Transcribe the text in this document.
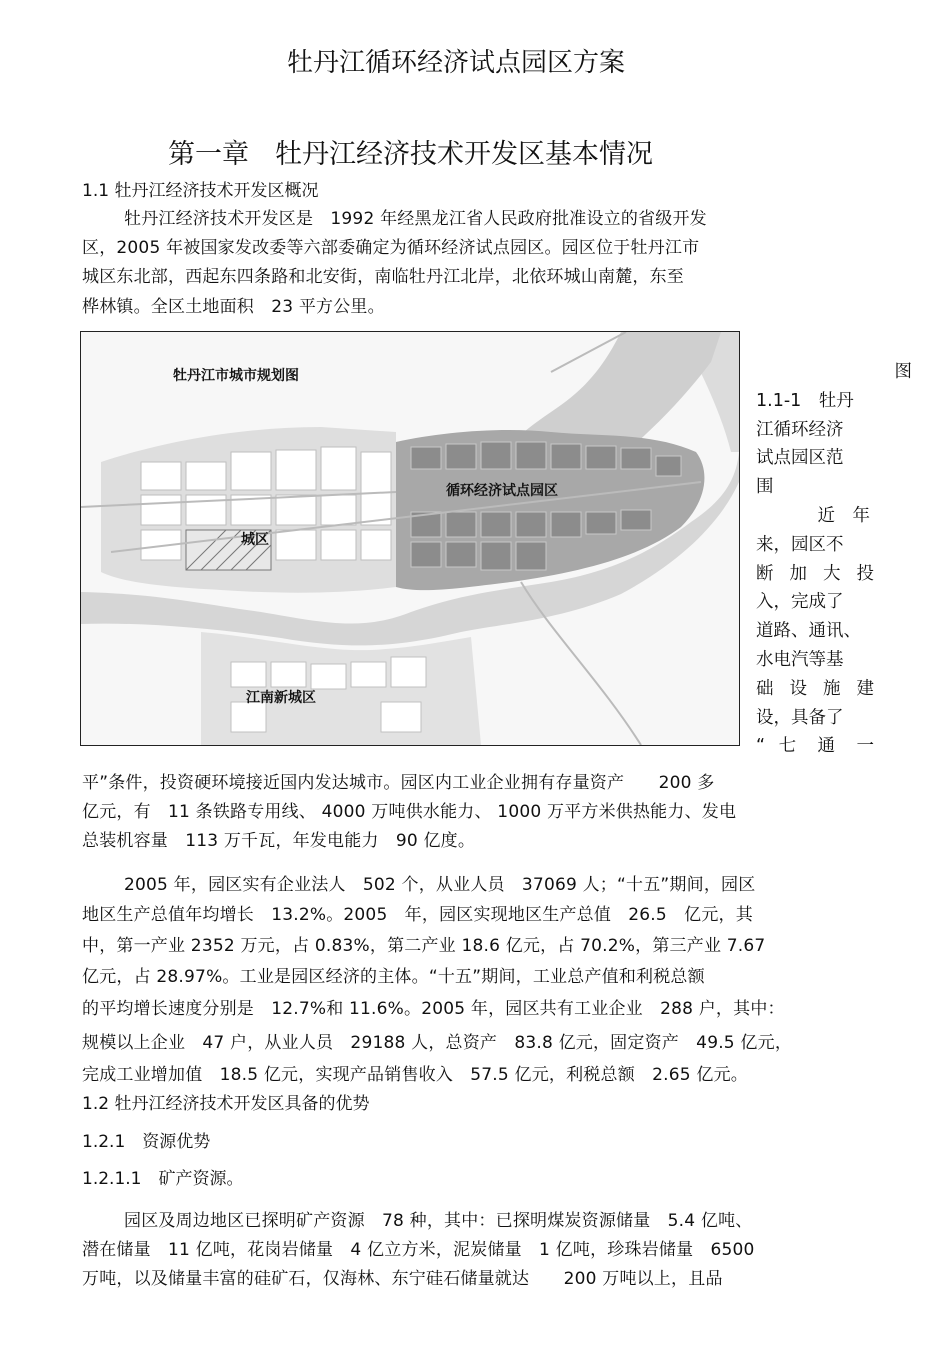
牡丹江循环经济试点园区方案
第一章 牡丹江经济技术开发区基本情况
1.1 牡丹江经济技术开发区概况
牡丹江经济技术开发区是　1992 年经黑龙江省人民政府批准设立的省级开发
区，2005 年被国家发改委等六部委确定为循环经济试点园区。园区位于牡丹江市
城区东北部，西起东四条路和北安街，南临牡丹江北岸，北依环城山南麓，东至
桦林镇。全区土地面积　23 平方公里。
牡丹江市城市规划图
循环经济试点园区
城区
江南新城区
图
1.1-1　牡丹
江循环经济
试点园区范
围
近　年
来，园区不
断 加 大 投
入，完成了
道路、通讯、
水电汽等基
础 设 施 建
设，具备了
“ 七 通 一
平”条件，投资硬环境接近国内发达城市。园区内工业企业拥有存量资产　　200 多
亿元，有　11 条铁路专用线、 4000 万吨供水能力、 1000 万平方米供热能力、发电
总装机容量　113 万千瓦，年发电能力　90 亿度。
2005 年，园区实有企业法人　502 个，从业人员　37069 人；“十五”期间，园区
地区生产总值年均增长　13.2%。2005　年，园区实现地区生产总值　26.5　亿元，其
中，第一产业 2352 万元，占 0.83%，第二产业 18.6 亿元，占 70.2%，第三产业 7.67
亿元，占 28.97%。工业是园区经济的主体。“十五”期间，工业总产值和利税总额
的平均增长速度分别是　12.7%和 11.6%。2005 年，园区共有工业企业　288 户，其中：
规模以上企业　47 户，从业人员　29188 人，总资产　83.8 亿元，固定资产　49.5 亿元，
完成工业增加值　18.5 亿元，实现产品销售收入　57.5 亿元，利税总额　2.65 亿元。
1.2 牡丹江经济技术开发区具备的优势
1.2.1　资源优势
1.2.1.1　矿产资源。
园区及周边地区已探明矿产资源　78 种，其中：已探明煤炭资源储量　5.4 亿吨、
潜在储量　11 亿吨，花岗岩储量　4 亿立方米，泥炭储量　1 亿吨，珍珠岩储量　6500
万吨，以及储量丰富的硅矿石，仅海林、东宁硅石储量就达　　200 万吨以上，且品
